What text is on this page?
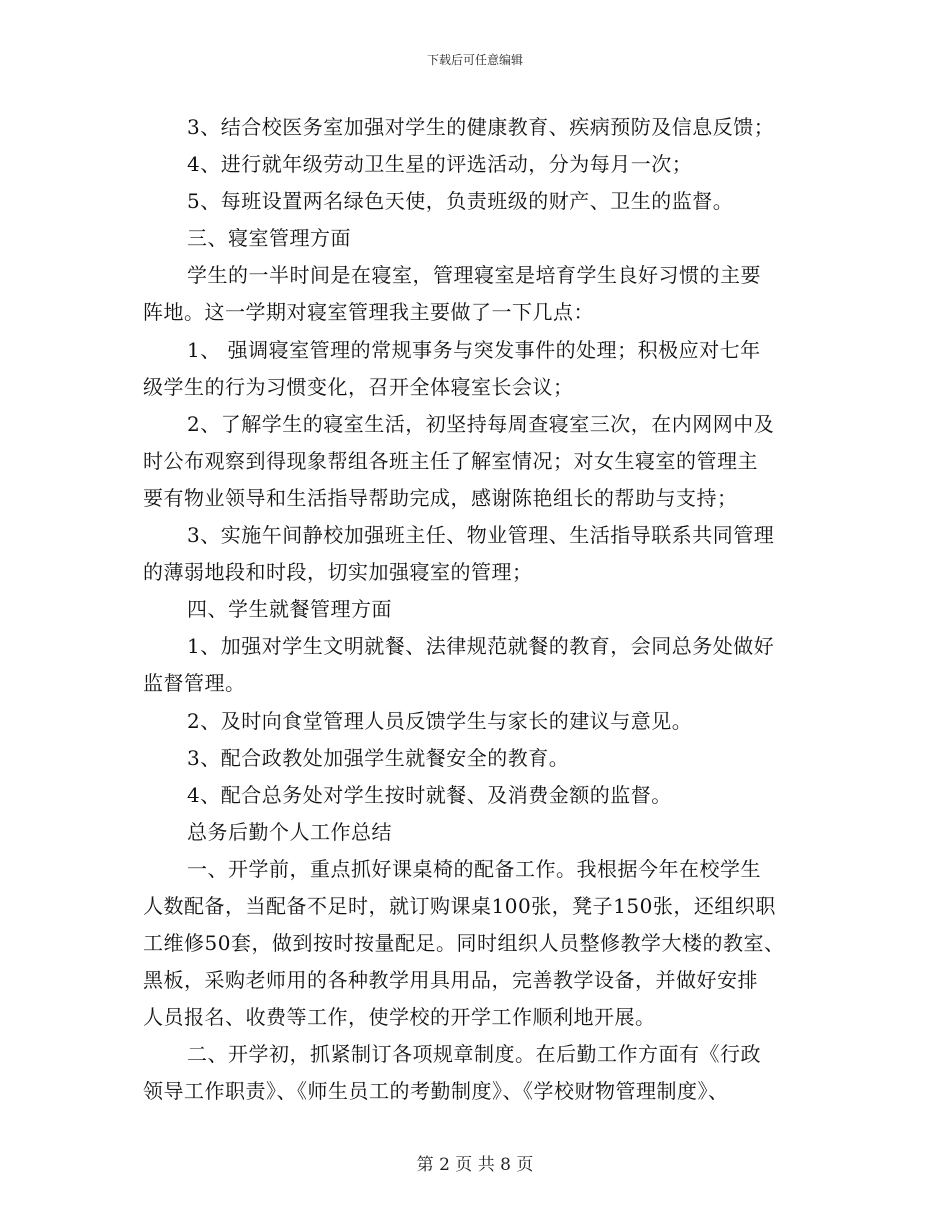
下载后可任意编辑
3、结合校医务室加强对学生的健康教育、疾病预防及信息反馈；
4、进行就年级劳动卫生星的评选活动，分为每月一次；
5、每班设置两名绿色天使，负责班级的财产、卫生的监督。
三、寝室管理方面
学生的一半时间是在寝室，管理寝室是培育学生良好习惯的主要
阵地。这一学期对寝室管理我主要做了一下几点：
1、 强调寝室管理的常规事务与突发事件的处理；积极应对七年
级学生的行为习惯变化，召开全体寝室长会议；
2、了解学生的寝室生活，初坚持每周查寝室三次，在内网网中及
时公布观察到得现象帮组各班主任了解室情况；对女生寝室的管理主
要有物业领导和生活指导帮助完成，感谢陈艳组长的帮助与支持；
3、实施午间静校加强班主任、物业管理、生活指导联系共同管理
的薄弱地段和时段，切实加强寝室的管理；
四、学生就餐管理方面
1、加强对学生文明就餐、法律规范就餐的教育，会同总务处做好
监督管理。
2、及时向食堂管理人员反馈学生与家长的建议与意见。
3、配合政教处加强学生就餐安全的教育。
4、配合总务处对学生按时就餐、及消费金额的监督。
总务后勤个人工作总结
一、开学前，重点抓好课桌椅的配备工作。我根据今年在校学生
人数配备，当配备不足时，就订购课桌100张，凳子150张，还组织职
工维修50套，做到按时按量配足。同时组织人员整修教学大楼的教室、
黑板，采购老师用的各种教学用具用品，完善教学设备，并做好安排
人员报名、收费等工作，使学校的开学工作顺利地开展。
二、开学初，抓紧制订各项规章制度。在后勤工作方面有《行政
领导工作职责》、《师生员工的考勤制度》、《学校财物管理制度》、
第 2 页 共 8 页
